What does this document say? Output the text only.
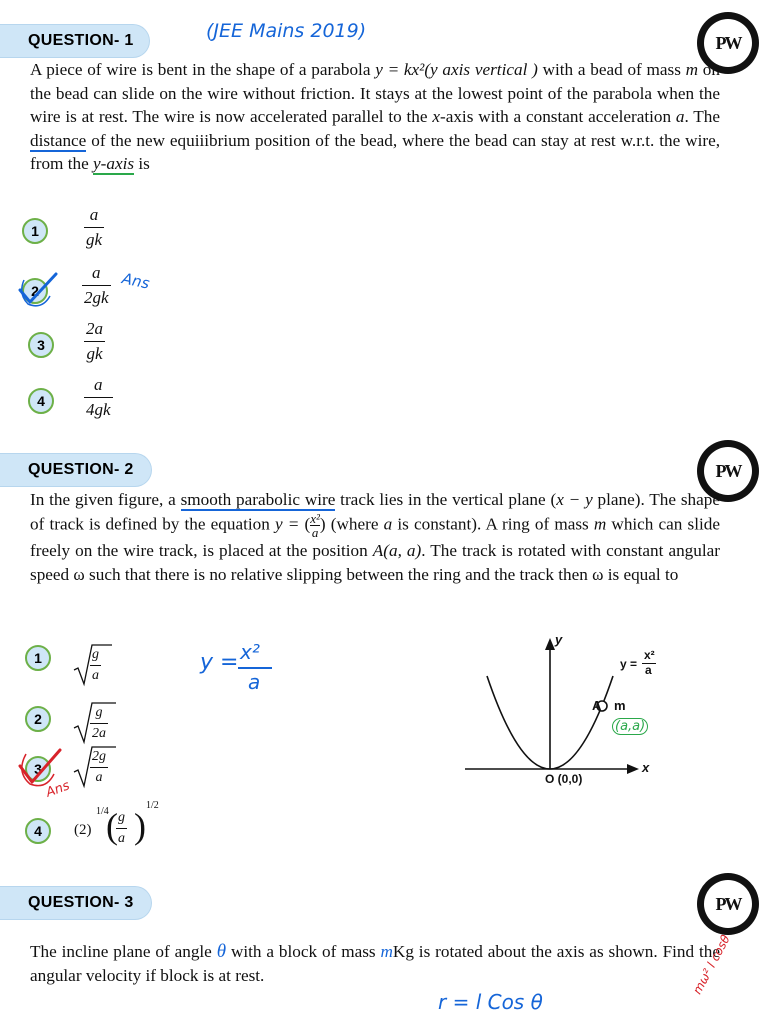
QUESTION- 1	(JEE Mains 2019)
PW
A piece of wire is bent in the shape of a parabola y = kx²(y axis vertical ) with a bead of mass m on the bead can slide on the wire without friction. It stays at the lowest point of the parabola when the wire is at rest. The wire is now accelerated parallel to the x-axis with a constant acceleration a. The distance of the new equiiibrium position of the bead, where the bead can stay at rest w.r.t. the wire, from the y-axis is
1	$\frac{a}{gk}$
2	$\frac{a}{2gk}$ Ans
3	$\frac{2a}{gk}$
4	$\frac{a}{4gk}$
QUESTION- 2	PW
In the given figure, a smooth parabolic wire track lies in the vertical plane (x − y plane). The shape of track is defined by the equation y = ( $\frac{\text{x²}}{a}$ ) (where a is constant). A ring of mass m which can slide freely on the wire track, is placed at the position A(a, a). The track is rotated with constant angular speed ω such that there is no relative slipping between the ring and the track then ω is equal to
1	$\frac{g}{a}$
2	$\frac{g}{2a}$
3
Ans
$\frac{2g}{a}$
4	(2)
1/4
(
$\frac{g}{a}$ )
1/2
y = x²
a
y
x
O (0,0)
A m
y =
x²
a
(a,a)
QUESTION- 3	PW
The incline plane of angle θ with a block of mass mKg is rotated about the axis as shown. Find the angular velocity if block is at rest.
r = l Cos θ
mω² l cosθ
